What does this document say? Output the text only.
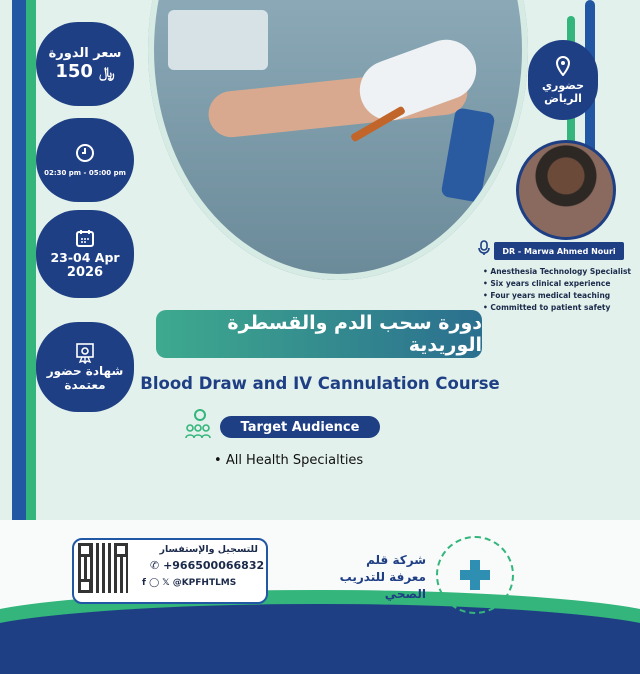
سعر الدورة
150 ﷼
02:30 pm - 05:00 pm
23-04 Apr
2026
شهادة حضور معتمدة
حضوري الرياض
DR - Marwa Ahmed Nouri
• Anesthesia Technology Specialist
• Six years clinical experience
• Four years medical teaching
• Committed to patient safety
دورة سحب الدم والقسطرة الوريدية
Blood Draw and IV Cannulation Course
Target Audience
• All Health Specialties
للتسجيل والإستفسار
✆ +966500066832
f ◯ 𝕏 @KPFHTLMS
شركة قلم معرفة للتدريب الصحي
